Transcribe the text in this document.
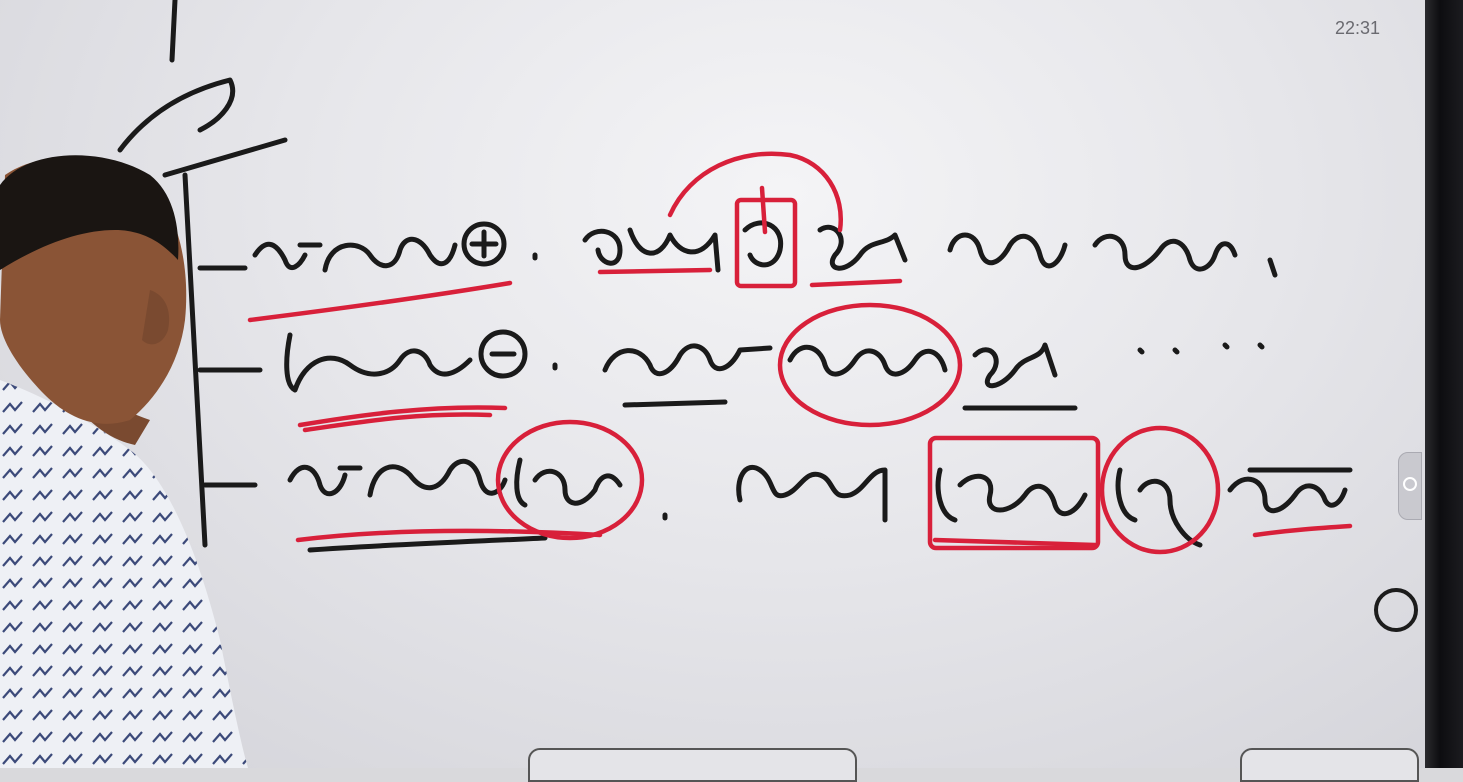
22:31
